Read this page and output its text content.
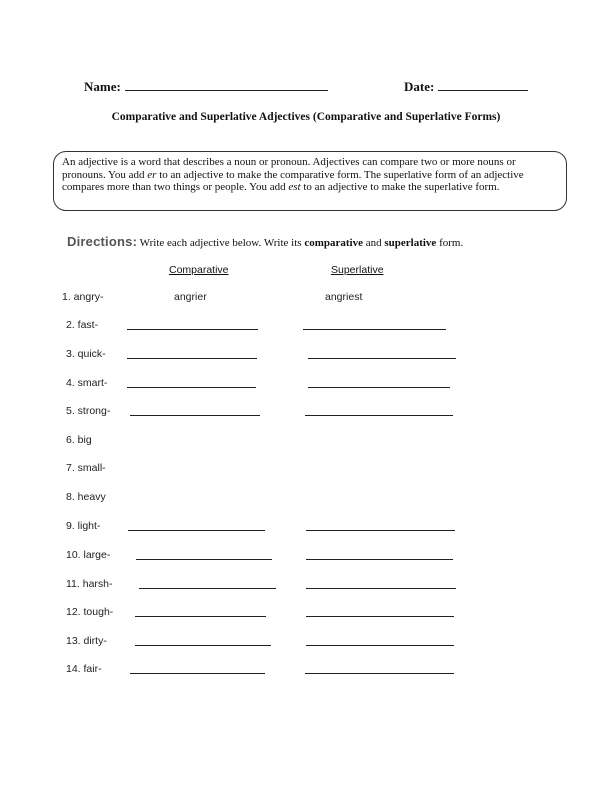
Name:	Date:
Comparative and Superlative Adjectives (Comparative and Superlative Forms)
An adjective is a word that describes a noun or pronoun. Adjectives can compare two or more nouns or pronouns. You add er to an adjective to make the comparative form. The superlative form of an adjective compares more than two things or people. You add est to an adjective to make the superlative form.
Directions: Write each adjective below. Write its comparative and superlative form.
Comparative	Superlative
1. angry-	angrier	angriest
2. fast-
3. quick-
4. smart-
5. strong-
6. big
7. small-
8. heavy
9. light-
10. large-
11. harsh-
12. tough-
13. dirty-
14. fair-
